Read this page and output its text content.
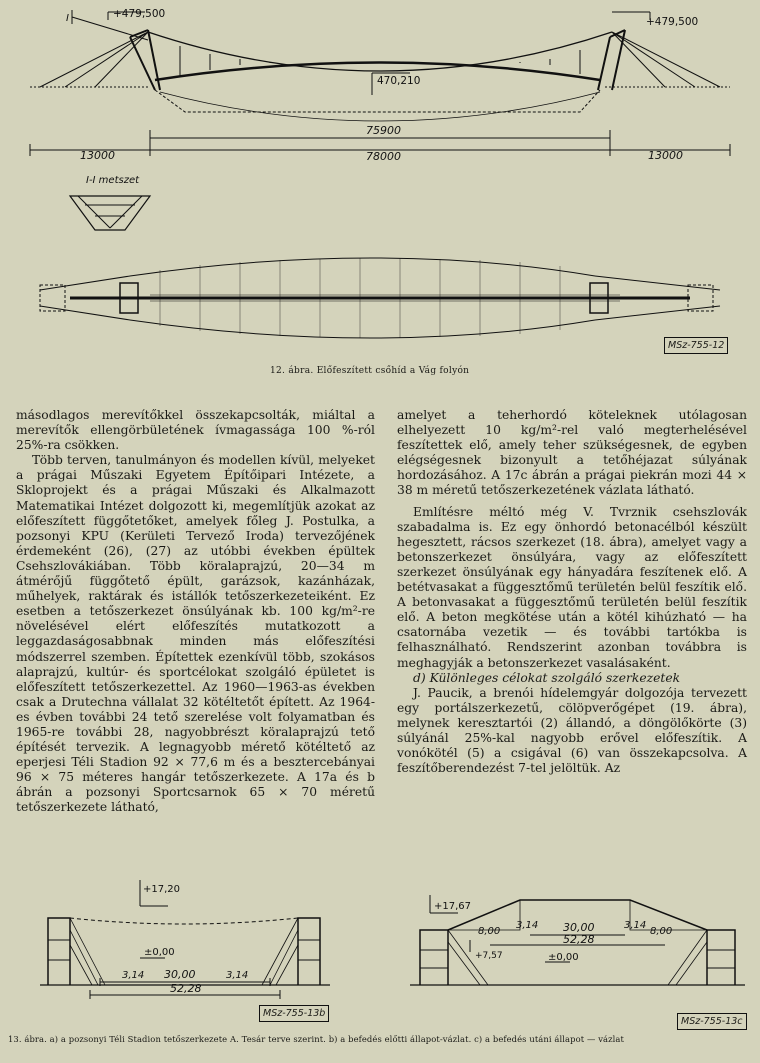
+479,500
+479,500
470,210
I
75900
13000	78000	13000
I-I metszet
MSz-755-12
12. ábra. Előfeszített csőhíd a Vág folyón

másodlagos merevítőkkel összekapcsolták, miáltal a merevítők ellengörbületének ívmagassága 100 %-ról 25%-ra csökken.

Több terven, tanulmányon és modellen kívül, melyeket a prágai Műszaki Egyetem Építőipari Intézete, a Skloprojekt és a prágai Műszaki és Alkalmazott Matematikai Intézet dolgozott ki, megemlítjük azokat az előfeszített függőtetőket, amelyek főleg J. Postulka, a pozsonyi KPU (Kerületi Tervező Iroda) tervezőjének érdemeként (26), (27) az utóbbi években épültek Csehszlovákiában. Több köralaprajzú, 20—34 m átmérőjű függőtető épült, garázsok, kazánházak, műhelyek, raktárak és istállók tetőszerkezeteiként. Ez esetben a tetőszerkezet önsúlyának kb. 100 kg/m²-re növelésével elért előfeszítés mutatkozott a leggazdaságosabbnak minden más előfeszítési módszerrel szemben. Építettek ezenkívül több, szokásos alaprajzú, kultúr- és sportcélokat szolgáló épületet is előfeszített tetőszerkezettel. Az 1960—1963-as években csak a Drutechna vállalat 32 kötéltetőt épített. Az 1964-es évben további 24 tető szerelése volt folyamatban és 1965-re további 28, nagyobbrészt köralaprajzú tető építését tervezik. A legnagyobb mérető kötéltető az eperjesi Téli Stadion 92 × 77,6 m és a besztercebányai 96 × 75 méteres hangár tetőszerkezete. A 17a és b ábrán a pozsonyi Sportcsarnok 65 × 70 méretű tetőszerkezete látható,

amelyet a teherhordó köteleknek utólagosan elhelyezett 10 kg/m²-rel való megterhelésével feszítettek elő, amely teher szükségesnek, de egyben elégségesnek bizonyult a tetőhéjazat súlyának hordozásához. A 17c ábrán a prágai piekrán mozi 44 × 38 m méretű tetőszerkezetének vázlata látható.

Említésre méltó még V. Tvrznik csehszlovák szabadalma is. Ez egy önhordó betonacélból készült hegesztett, rácsos szerkezet (18. ábra), amelyet vagy a betonszerkezet önsúlyára, vagy az előfeszített szerkezet önsúlyának egy hányadára feszítenek elő. A betétvasakat a függesztőmű területén belül feszítik elő. A betonvasakat a függesztőmű területén belül feszítik elő. A beton megkötése után a kötél kihúzható — ha csatornába vezetik — és további tartókba is felhasználható. Rendszerint azonban továbbra is meghagyják a betonszerkezet vasalásaként.

d) Különleges célokat szolgáló szerkezetek

J. Paucik, a brenói hídelemgyár dolgozója tervezett egy portálszerkezetű, cölöpverőgépet (19. ábra), melynek keresztartói (2) állandó, a döngölőkörte (3) súlyánál 25%-kal nagyobb erővel előfeszítik. A vonókötél (5) a csigával (6) van összekapcsolva. A feszítőberendezést 7-tel jelöltük. Az

+17,20
±0,00
3,14 30,00	3,14
52,28
+17,67
+7,57	±0,00
8,00
3,14 30,00	3,14
8,00
52,28
MSz-755-13b
MSz-755-13c
13. ábra. a) a pozsonyi Téli Stadion tetőszerkezete A. Tesár terve szerint. b) a befedés előtti állapot-vázlat. c) a befedés utáni állapot — vázlat
